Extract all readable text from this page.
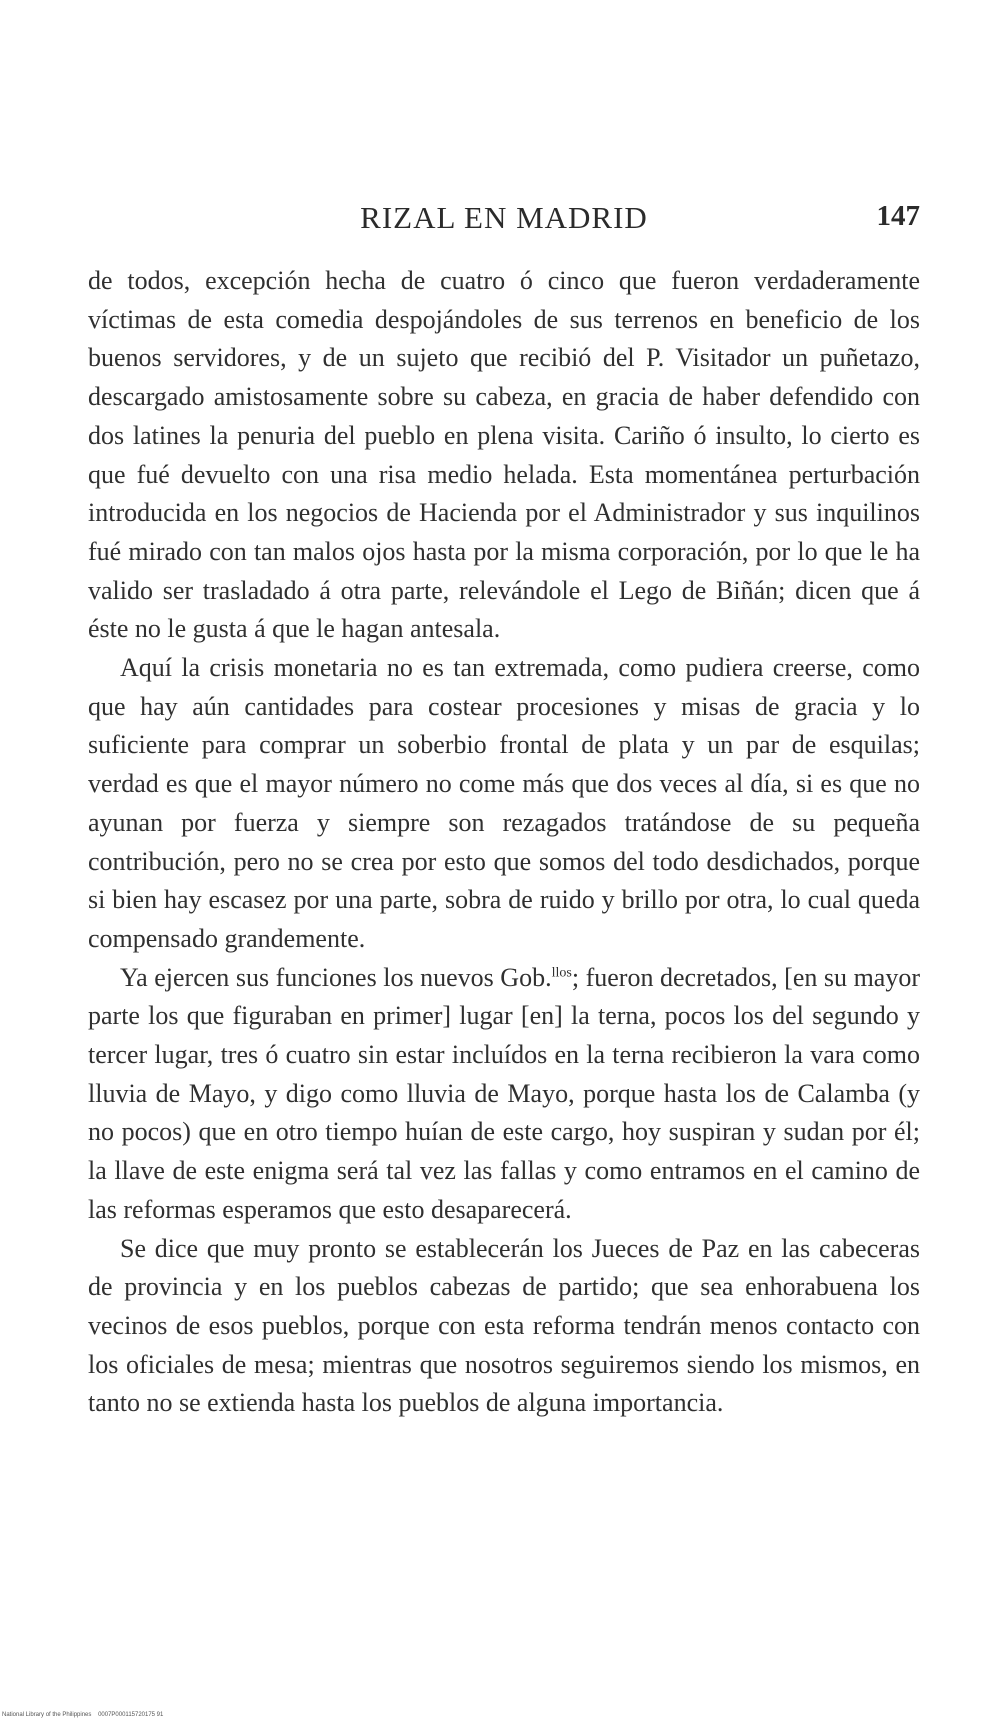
RIZAL EN MADRID	147

de todos, excepción hecha de cuatro ó cinco que fueron verdaderamente víctimas de esta comedia despojándoles de sus terrenos en beneficio de los buenos servidores, y de un sujeto que recibió del P. Visitador un puñetazo, descargado amistosamente sobre su cabeza, en gracia de haber defendido con dos latines la penuria del pueblo en plena visita. Cariño ó insulto, lo cierto es que fué devuelto con una risa medio helada. Esta momentánea perturbación introducida en los negocios de Hacienda por el Administrador y sus inquilinos fué mirado con tan malos ojos hasta por la misma corporación, por lo que le ha valido ser trasladado á otra parte, relevándole el Lego de Biñán; dicen que á éste no le gusta á que le hagan antesala.

Aquí la crisis monetaria no es tan extremada, como pudiera creerse, como que hay aún cantidades para costear procesiones y misas de gracia y lo suficiente para comprar un soberbio frontal de plata y un par de esquilas; verdad es que el mayor número no come más que dos veces al día, si es que no ayunan por fuerza y siempre son rezagados tratándose de su pequeña contribución, pero no se crea por esto que somos del todo desdichados, porque si bien hay escasez por una parte, sobra de ruido y brillo por otra, lo cual queda compensado grandemente.

Ya ejercen sus funciones los nuevos Gob.$^{llos}$; fueron decretados, [en su mayor parte los que figuraban en primer] lugar [en] la terna, pocos los del segundo y tercer lugar, tres ó cuatro sin estar incluídos en la terna recibieron la vara como lluvia de Mayo, y digo como lluvia de Mayo, porque hasta los de Calamba (y no pocos) que en otro tiempo huían de este cargo, hoy suspiran y sudan por él; la llave de este enigma será tal vez las fallas y como entramos en el camino de las reformas esperamos que esto desaparecerá.

Se dice que muy pronto se establecerán los Jueces de Paz en las cabeceras de provincia y en los pueblos cabezas de partido; que sea enhorabuena los vecinos de esos pueblos, porque con esta reforma tendrán menos contacto con los oficiales de mesa; mientras que nosotros seguiremos siendo los mismos, en tanto no se extienda hasta los pueblos de alguna importancia.

National Library of the Philippines 0007P000115720175 91
